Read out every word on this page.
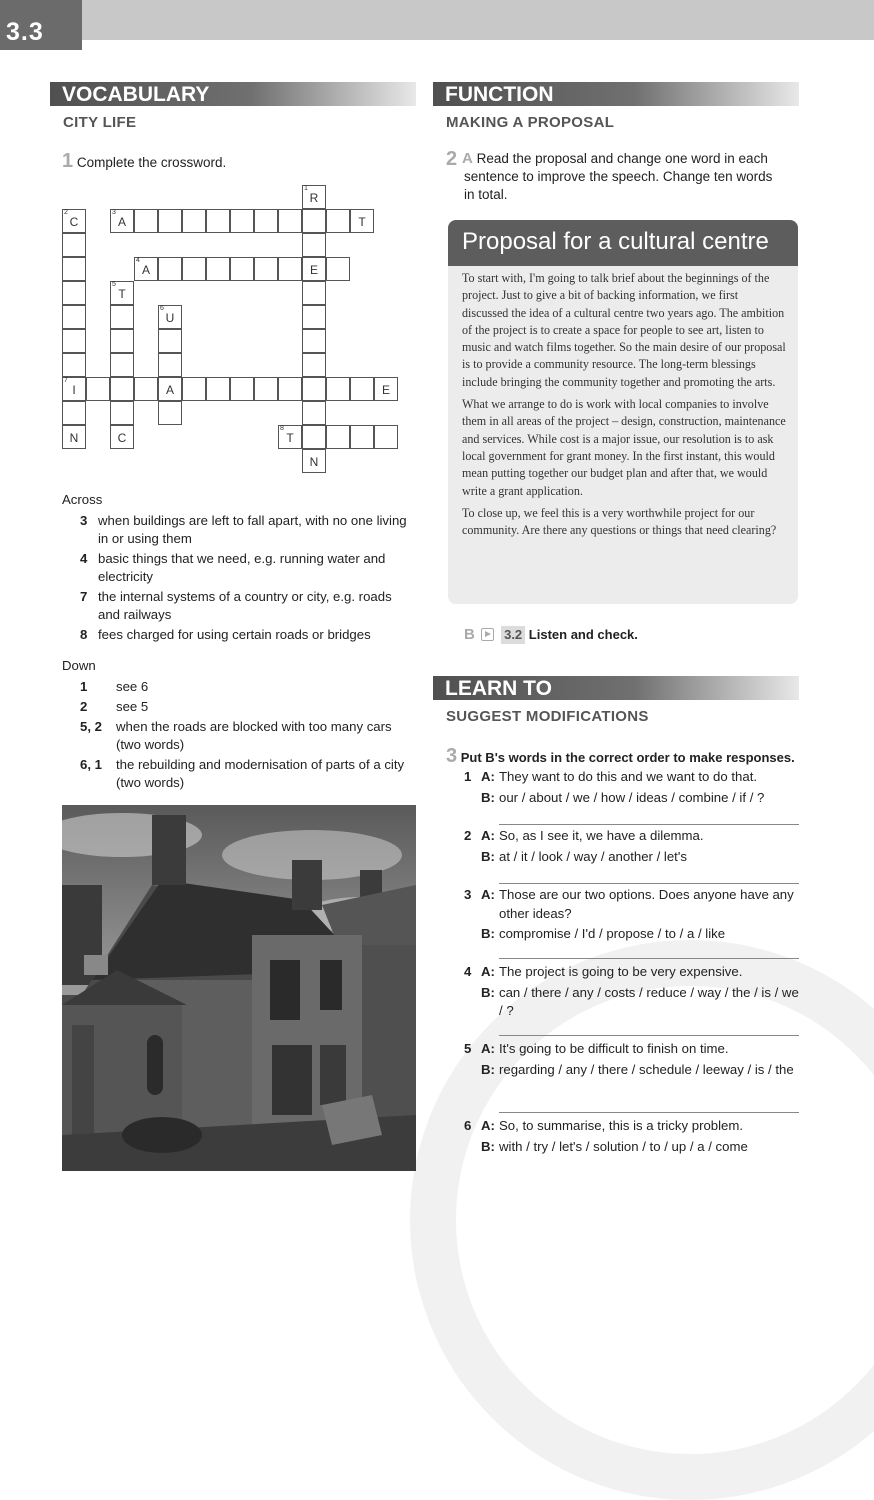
3.3
VOCABULARY
CITY LIFE
1 Complete the crossword.
1
R
2
C
3
A	T
4
A	E
5
T
6
U
7
I	A	E
N	C
8
T
N
Across
3 when buildings are left to fall apart, with no one living in or using them
4 basic things that we need, e.g. running water and electricity
7 the internal systems of a country or city, e.g. roads and railways
8 fees charged for using certain roads or bridges
Down
1 see 6
2 see 5
5, 2 when the roads are blocked with too many cars (two words)
6, 1 the rebuilding and modernisation of parts of a city (two words)
FUNCTION
MAKING A PROPOSAL
2 A Read the proposal and change one word in each sentence to improve the speech. Change ten words in total.
Proposal for a cultural centre

To start with, I'm going to talk brief about the beginnings of the project. Just to give a bit of backing information, we first discussed the idea of a cultural centre two years ago. The ambition of the project is to create a space for people to see art, listen to music and watch films together. So the main desire of our proposal is to provide a community resource. The long-term blessings include bringing the community together and promoting the arts.

What we arrange to do is work with local companies to involve them in all areas of the project – design, construction, maintenance and services. While cost is a major issue, our resolution is to ask local government for grant money. In the first instant, this would mean putting together our budget plan and after that, we would write a grant application.

To close up, we feel this is a very worthwhile project for our community. Are there any questions or things that need clearing?

B 3.2 Listen and check.
LEARN TO
SUGGEST MODIFICATIONS
3 Put B's words in the correct order to make responses.
1 A: They want to do this and we want to do that.
B: our / about / we / how / ideas / combine / if / ?
2 A: So, as I see it, we have a dilemma.
B: at / it / look / way / another / let's
3 A: Those are our two options. Does anyone have any other ideas?
B: compromise / I'd / propose / to / a / like
4 A: The project is going to be very expensive.
B: can / there / any / costs / reduce / way / the / is / we / ?
5 A: It's going to be difficult to finish on time.
B: regarding / any / there / schedule / leeway / is / the
6 A: So, to summarise, this is a tricky problem.
B: with / try / let's / solution / to / up / a / come
